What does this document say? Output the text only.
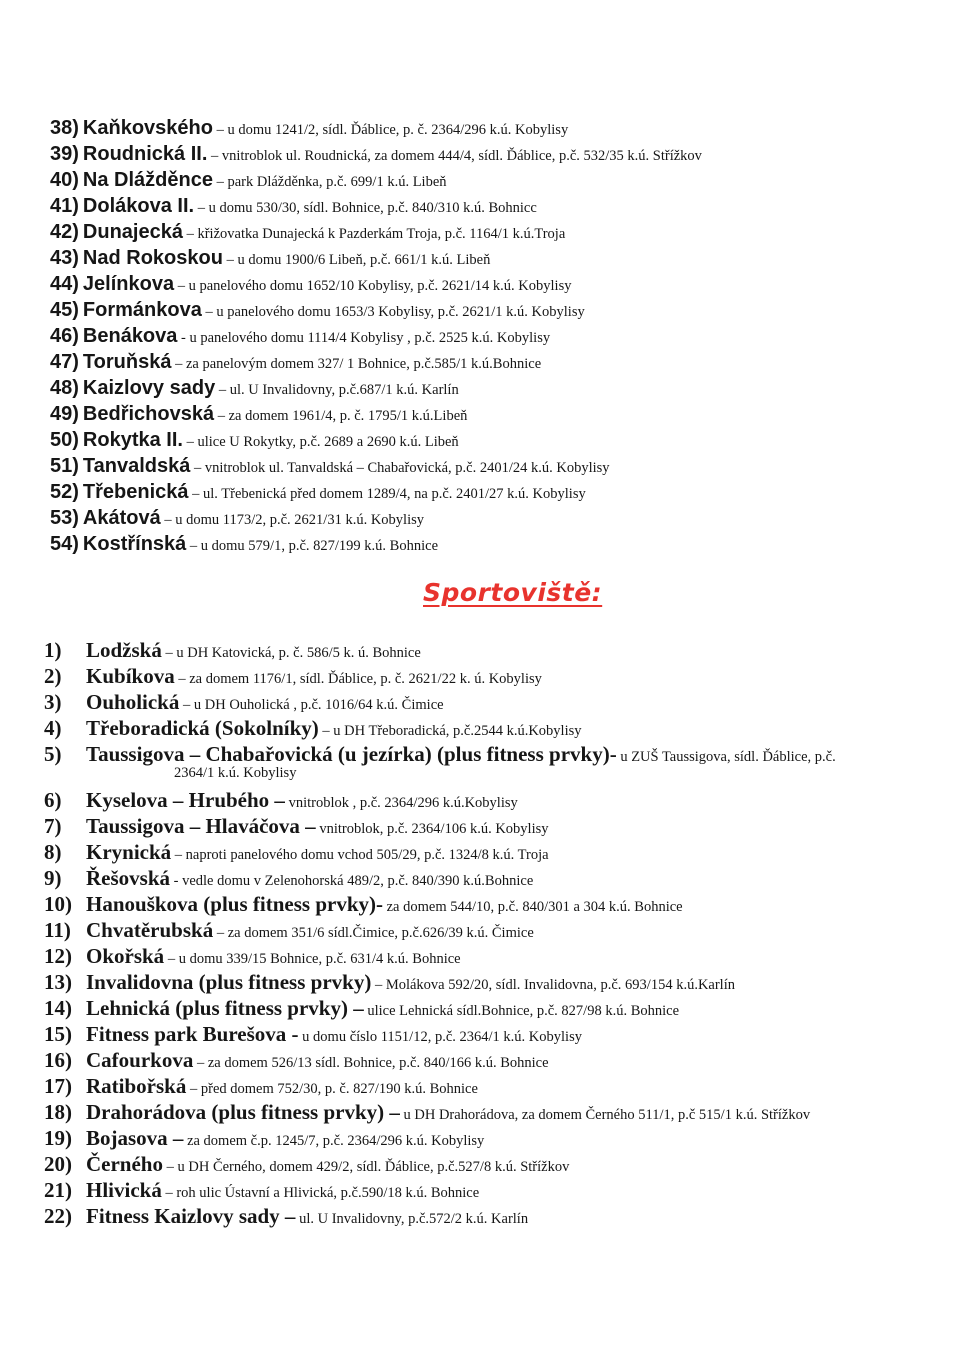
38) Kaňkovského – u domu 1241/2, sídl. Ďáblice, p. č. 2364/296 k.ú. Kobylisy
39) Roudnická II. – vnitroblok ul. Roudnická, za domem 444/4, sídl. Ďáblice, p.č. 532/35 k.ú. Střížkov
40) Na Dlážděnce – park Dlážděnka, p.č. 699/1 k.ú. Libeň
41) Dolákova II. – u domu 530/30, sídl. Bohnice, p.č. 840/310 k.ú. Bohnicc
42) Dunajecká – křižovatka Dunajecká k Pazderkám Troja, p.č. 1164/1 k.ú.Troja
43) Nad Rokoskou – u domu 1900/6 Libeň, p.č. 661/1 k.ú. Libeň
44) Jelínkova – u panelového domu 1652/10 Kobylisy, p.č. 2621/14 k.ú. Kobylisy
45) Formánkova – u panelového domu 1653/3 Kobylisy, p.č. 2621/1 k.ú. Kobylisy
46) Benákova - u panelového domu 1114/4 Kobylisy , p.č. 2525 k.ú. Kobylisy
47) Toruňská – za panelovým domem 327/ 1 Bohnice, p.č.585/1 k.ú.Bohnice
48) Kaizlovy sady – ul. U Invalidovny, p.č.687/1 k.ú. Karlín
49) Bedřichovská – za domem 1961/4, p. č. 1795/1 k.ú.Libeň
50) Rokytka II. – ulice U Rokytky, p.č. 2689 a 2690 k.ú. Libeň
51) Tanvaldská – vnitroblok ul. Tanvaldská – Chabařovická, p.č. 2401/24 k.ú. Kobylisy
52) Třebenická – ul. Třebenická před domem 1289/4, na p.č. 2401/27 k.ú. Kobylisy
53) Akátová – u domu 1173/2, p.č. 2621/31 k.ú. Kobylisy
54) Kostřínská – u domu 579/1, p.č. 827/199 k.ú. Bohnice
Sportoviště:
1) Lodžská – u DH Katovická, p. č. 586/5 k. ú. Bohnice
2) Kubíkova – za domem 1176/1, sídl. Ďáblice, p. č. 2621/22 k. ú. Kobylisy
3) Ouholická – u DH Ouholická , p.č. 1016/64 k.ú. Čimice
4) Třeboradická (Sokolníky) – u DH Třeboradická, p.č.2544 k.ú.Kobylisy
5) Taussigova – Chabařovická (u jezírka) (plus fitness prvky)- u ZUŠ Taussigova, sídl. Ďáblice, p.č.
2364/1 k.ú. Kobylisy
6) Kyselova – Hrubého – vnitroblok , p.č. 2364/296 k.ú.Kobylisy
7) Taussigova – Hlaváčova – vnitroblok, p.č. 2364/106 k.ú. Kobylisy
8) Krynická – naproti panelového domu vchod 505/29, p.č. 1324/8 k.ú. Troja
9) Řešovská - vedle domu v Zelenohorská 489/2, p.č. 840/390 k.ú.Bohnice
10) Hanouškova (plus fitness prvky)- za domem 544/10, p.č. 840/301 a 304 k.ú. Bohnice
11) Chvatěrubská – za domem 351/6 sídl.Čimice, p.č.626/39 k.ú. Čimice
12) Okořská – u domu 339/15 Bohnice, p.č. 631/4 k.ú. Bohnice
13) Invalidovna (plus fitness prvky) – Molákova 592/20, sídl. Invalidovna, p.č. 693/154 k.ú.Karlín
14) Lehnická (plus fitness prvky) – ulice Lehnická sídl.Bohnice, p.č. 827/98 k.ú. Bohnice
15) Fitness park Burešova - u domu číslo 1151/12, p.č. 2364/1 k.ú. Kobylisy
16) Cafourkova – za domem 526/13 sídl. Bohnice, p.č. 840/166 k.ú. Bohnice
17) Ratibořská – před domem 752/30, p. č. 827/190 k.ú. Bohnice
18) Drahorádova (plus fitness prvky) – u DH Drahorádova, za domem Černého 511/1, p.č 515/1 k.ú. Střížkov
19) Bojasova – za domem č.p. 1245/7, p.č. 2364/296 k.ú. Kobylisy
20) Černého – u DH Černého, domem 429/2, sídl. Ďáblice, p.č.527/8 k.ú. Střížkov
21) Hlivická – roh ulic Ústavní a Hlivická, p.č.590/18 k.ú. Bohnice
22) Fitness Kaizlovy sady – ul. U Invalidovny, p.č.572/2 k.ú. Karlín
